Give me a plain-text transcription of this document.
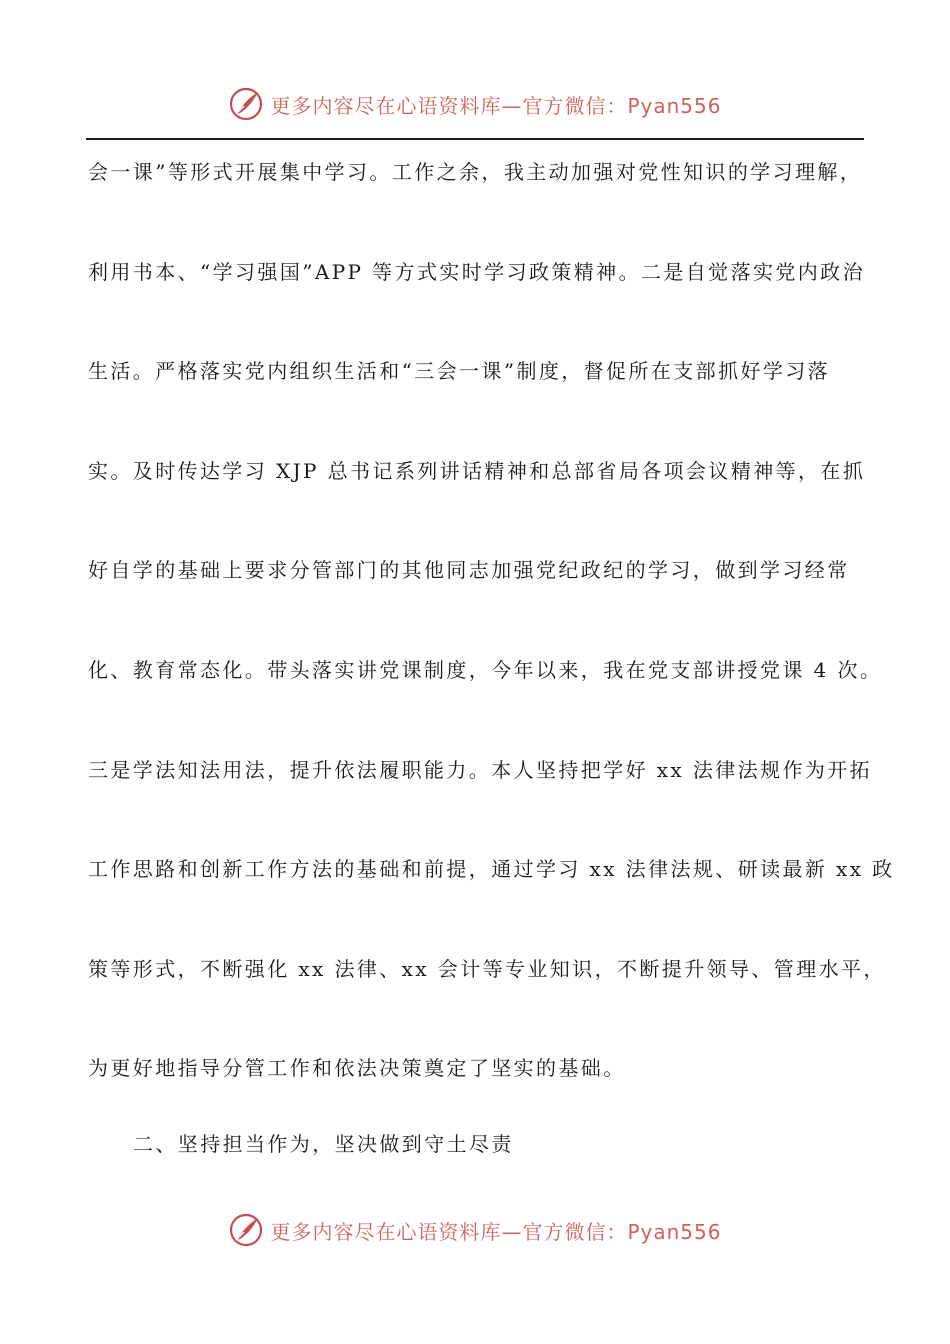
更多内容尽在心语资料库—官方微信：Pyan556
会一课”等形式开展集中学习。工作之余，我主动加强对党性知识的学习理解，
利用书本、“学习强国”APP 等方式实时学习政策精神。二是自觉落实党内政治
生活。严格落实党内组织生活和“三会一课”制度，督促所在支部抓好学习落
实。及时传达学习 XJP 总书记系列讲话精神和总部省局各项会议精神等，在抓
好自学的基础上要求分管部门的其他同志加强党纪政纪的学习，做到学习经常
化、教育常态化。带头落实讲党课制度，今年以来，我在党支部讲授党课 4 次。
三是学法知法用法，提升依法履职能力。本人坚持把学好 xx 法律法规作为开拓
工作思路和创新工作方法的基础和前提，通过学习 xx 法律法规、研读最新 xx 政
策等形式，不断强化 xx 法律、xx 会计等专业知识，不断提升领导、管理水平，
为更好地指导分管工作和依法决策奠定了坚实的基础。
二、坚持担当作为，坚决做到守土尽责
更多内容尽在心语资料库—官方微信：Pyan556
